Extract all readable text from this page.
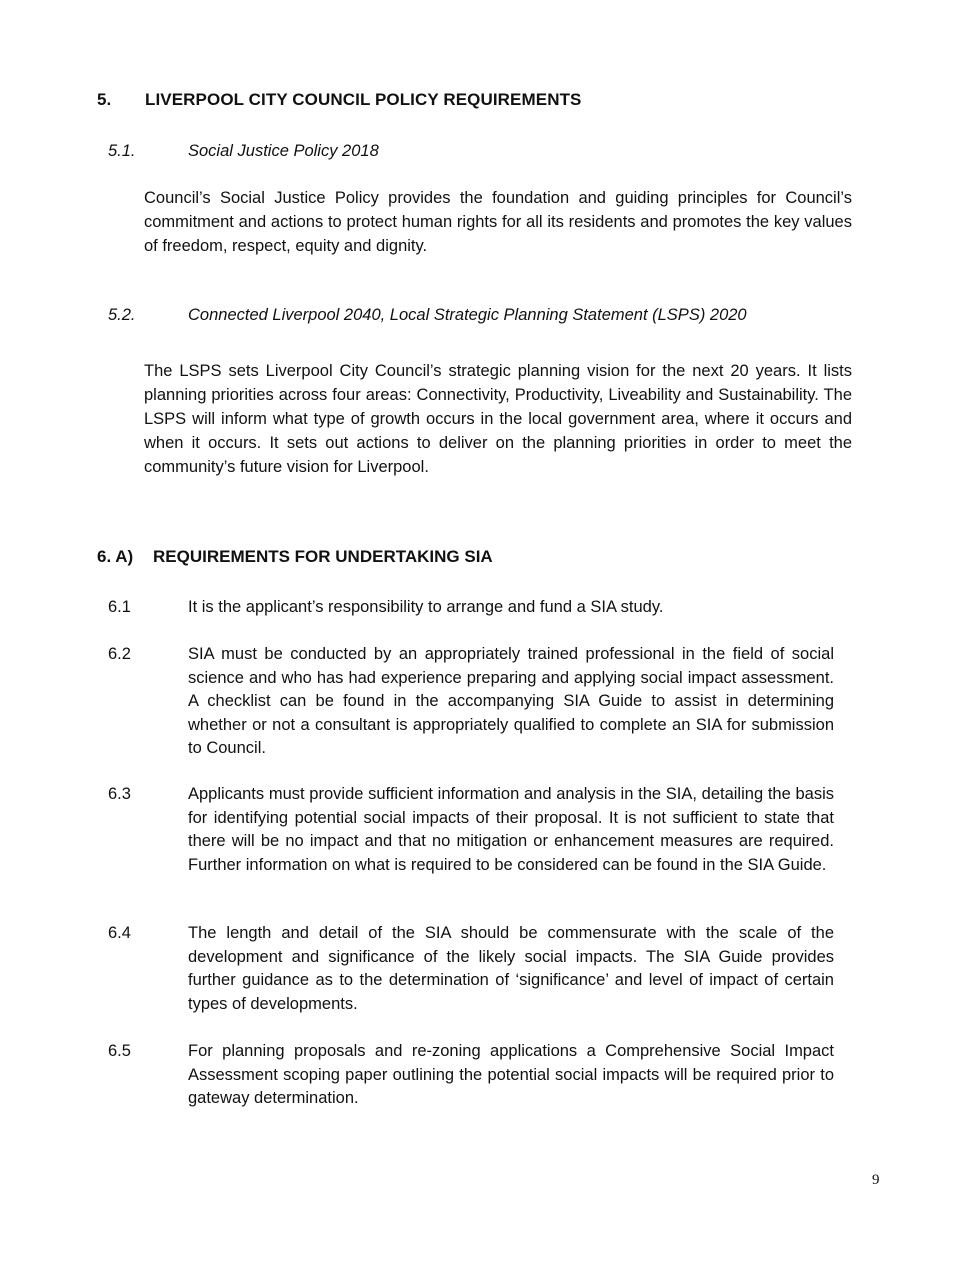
5. LIVERPOOL CITY COUNCIL POLICY REQUIREMENTS
5.1.	Social Justice Policy 2018

Council’s Social Justice Policy provides the foundation and guiding principles for Council’s commitment and actions to protect human rights for all its residents and promotes the key values of freedom, respect, equity and dignity.

5.2.	Connected Liverpool 2040, Local Strategic Planning Statement (LSPS) 2020

The LSPS sets Liverpool City Council’s strategic planning vision for the next 20 years. It lists planning priorities across four areas: Connectivity, Productivity, Liveability and Sustainability. The LSPS will inform what type of growth occurs in the local government area, where it occurs and when it occurs. It sets out actions to deliver on the planning priorities in order to meet the community’s future vision for Liverpool.

6. A) REQUIREMENTS FOR UNDERTAKING SIA
6.1	It is the applicant’s responsibility to arrange and fund a SIA study.

6.2	SIA must be conducted by an appropriately trained professional in the field of social science and who has had experience preparing and applying social impact assessment. A checklist can be found in the accompanying SIA Guide to assist in determining whether or not a consultant is appropriately qualified to complete an SIA for submission to Council.

6.3	Applicants must provide sufficient information and analysis in the SIA, detailing the basis for identifying potential social impacts of their proposal. It is not sufficient to state that there will be no impact and that no mitigation or enhancement measures are required. Further information on what is required to be considered can be found in the SIA Guide.

6.4	The length and detail of the SIA should be commensurate with the scale of the development and significance of the likely social impacts. The SIA Guide provides further guidance as to the determination of ‘significance’ and level of impact of certain types of developments.

6.5	For planning proposals and re-zoning applications a Comprehensive Social Impact Assessment scoping paper outlining the potential social impacts will be required prior to gateway determination.

9
